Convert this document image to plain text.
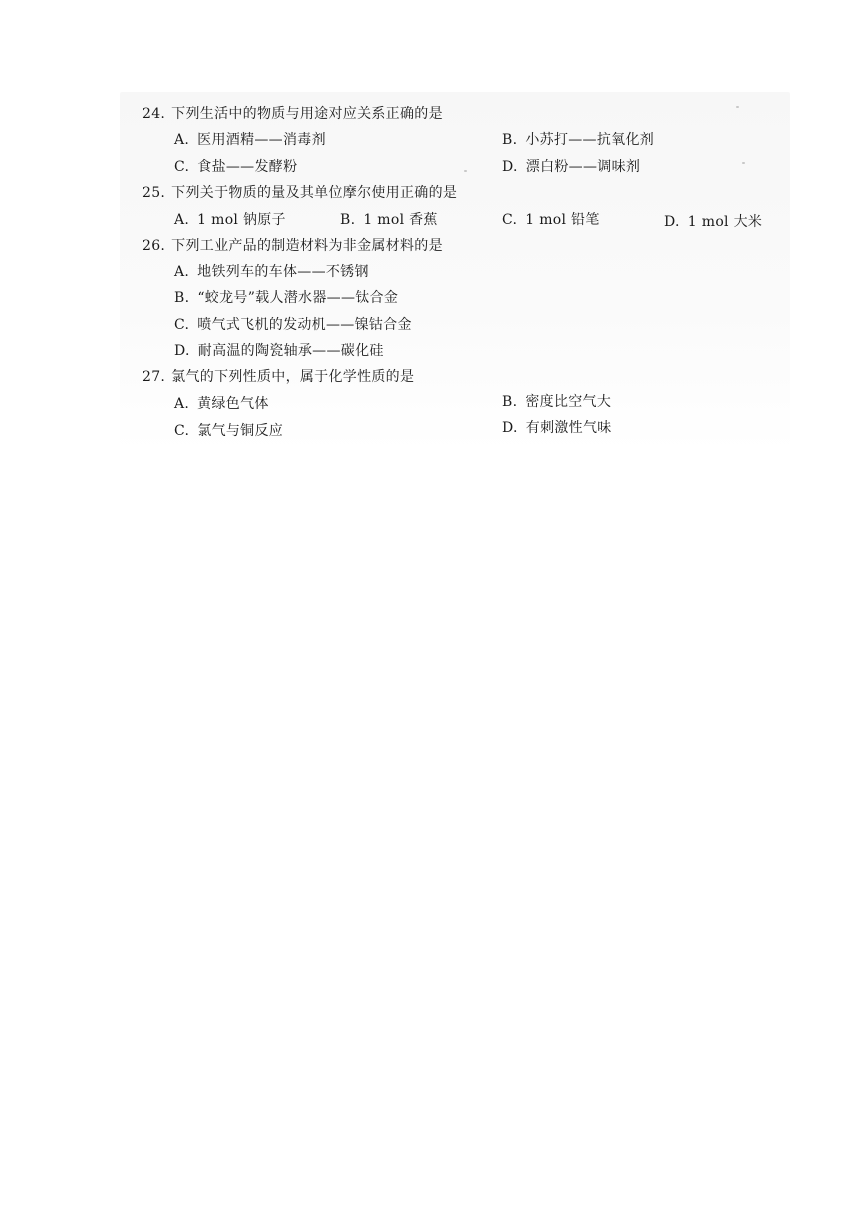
24. 下列生活中的物质与用途对应关系正确的是
A. 医用酒精——消毒剂	B. 小苏打——抗氧化剂
C. 食盐——发酵粉	D. 漂白粉——调味剂
25. 下列关于物质的量及其单位摩尔使用正确的是
A. 1 mol 钠原子	B. 1 mol 香蕉	C. 1 mol 铅笔	D. 1 mol 大米
26. 下列工业产品的制造材料为非金属材料的是
A. 地铁列车的车体——不锈钢
B. “蛟龙号”载人潜水器——钛合金
C. 喷气式飞机的发动机——镍钴合金
D. 耐高温的陶瓷轴承——碳化硅
27. 氯气的下列性质中，属于化学性质的是
A. 黄绿色气体	B. 密度比空气大
C. 氯气与铜反应	D. 有刺激性气味
